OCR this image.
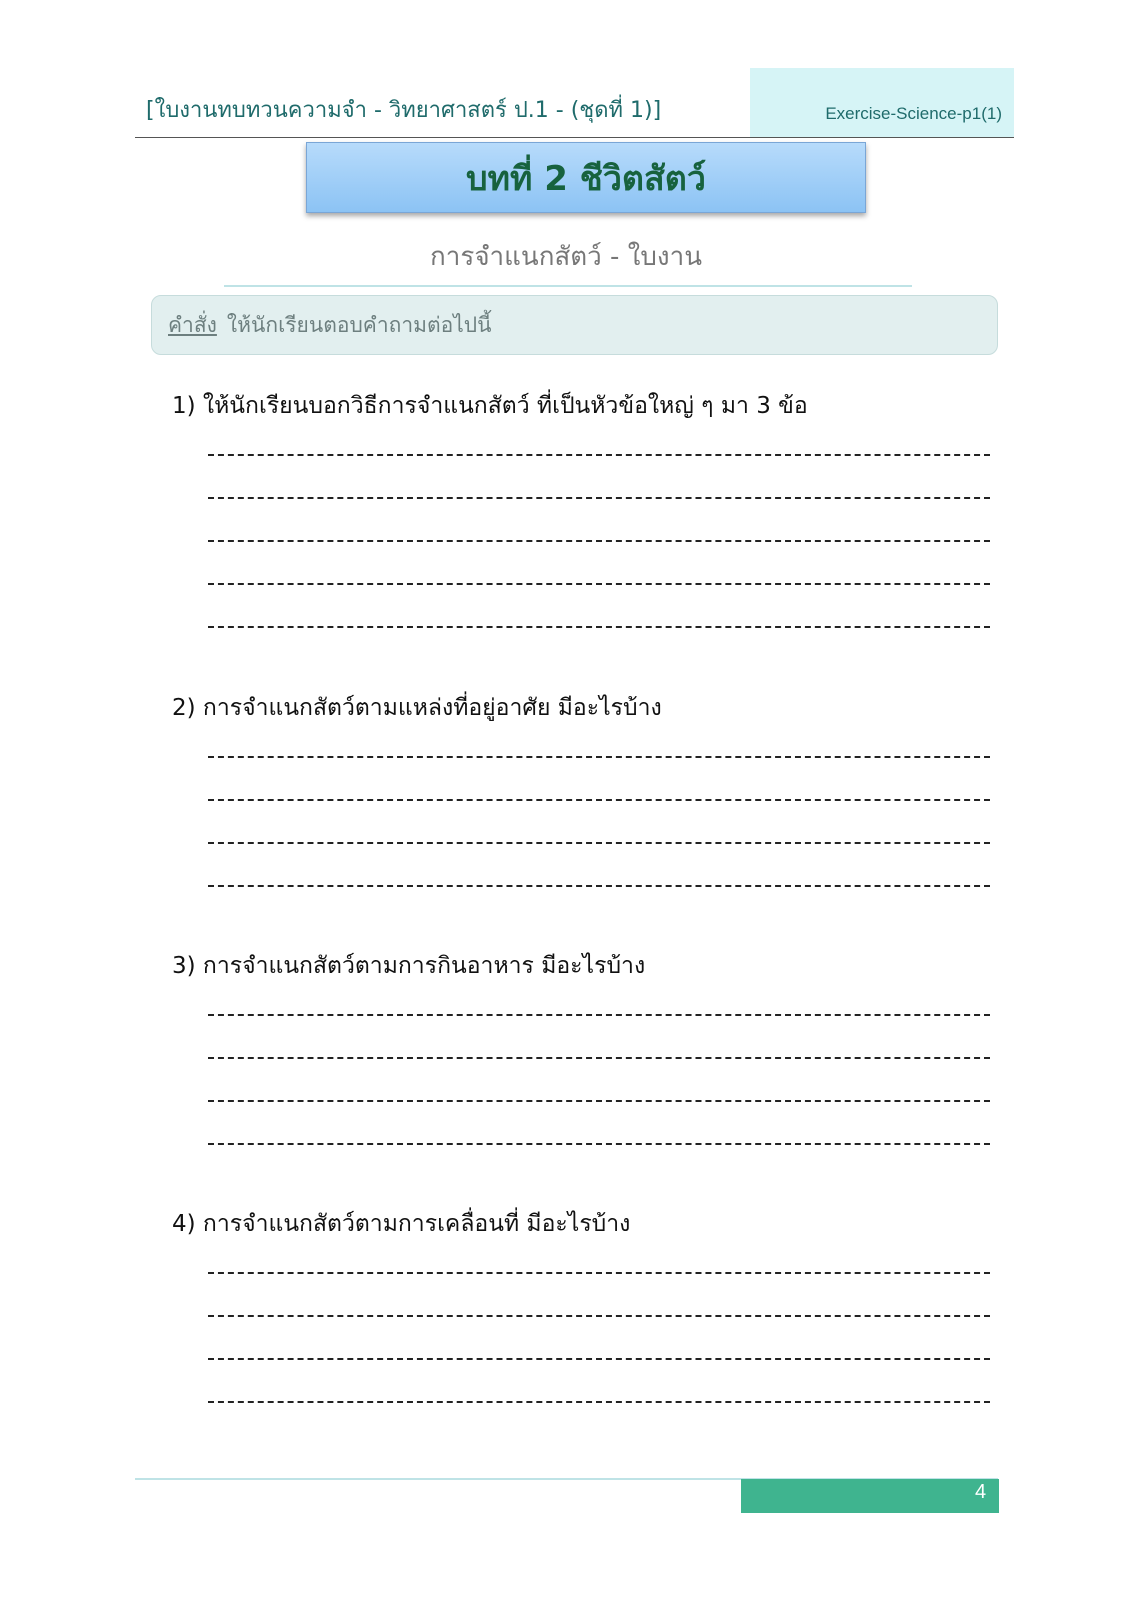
[ใบงานทบทวนความจำ - วิทยาศาสตร์ ป.1 - (ชุดที่ 1)]	Exercise-Science-p1(1)
บทที่ 2 ชีวิตสัตว์
การจำแนกสัตว์ - ใบงาน
คำสั่ง ให้นักเรียนตอบคำถามต่อไปนี้
1) ให้นักเรียนบอกวิธีการจำแนกสัตว์ ที่เป็นหัวข้อใหญ่ ๆ มา 3 ข้อ
2) การจำแนกสัตว์ตามแหล่งที่อยู่อาศัย มีอะไรบ้าง
3) การจำแนกสัตว์ตามการกินอาหาร มีอะไรบ้าง
4) การจำแนกสัตว์ตามการเคลื่อนที่ มีอะไรบ้าง
4
